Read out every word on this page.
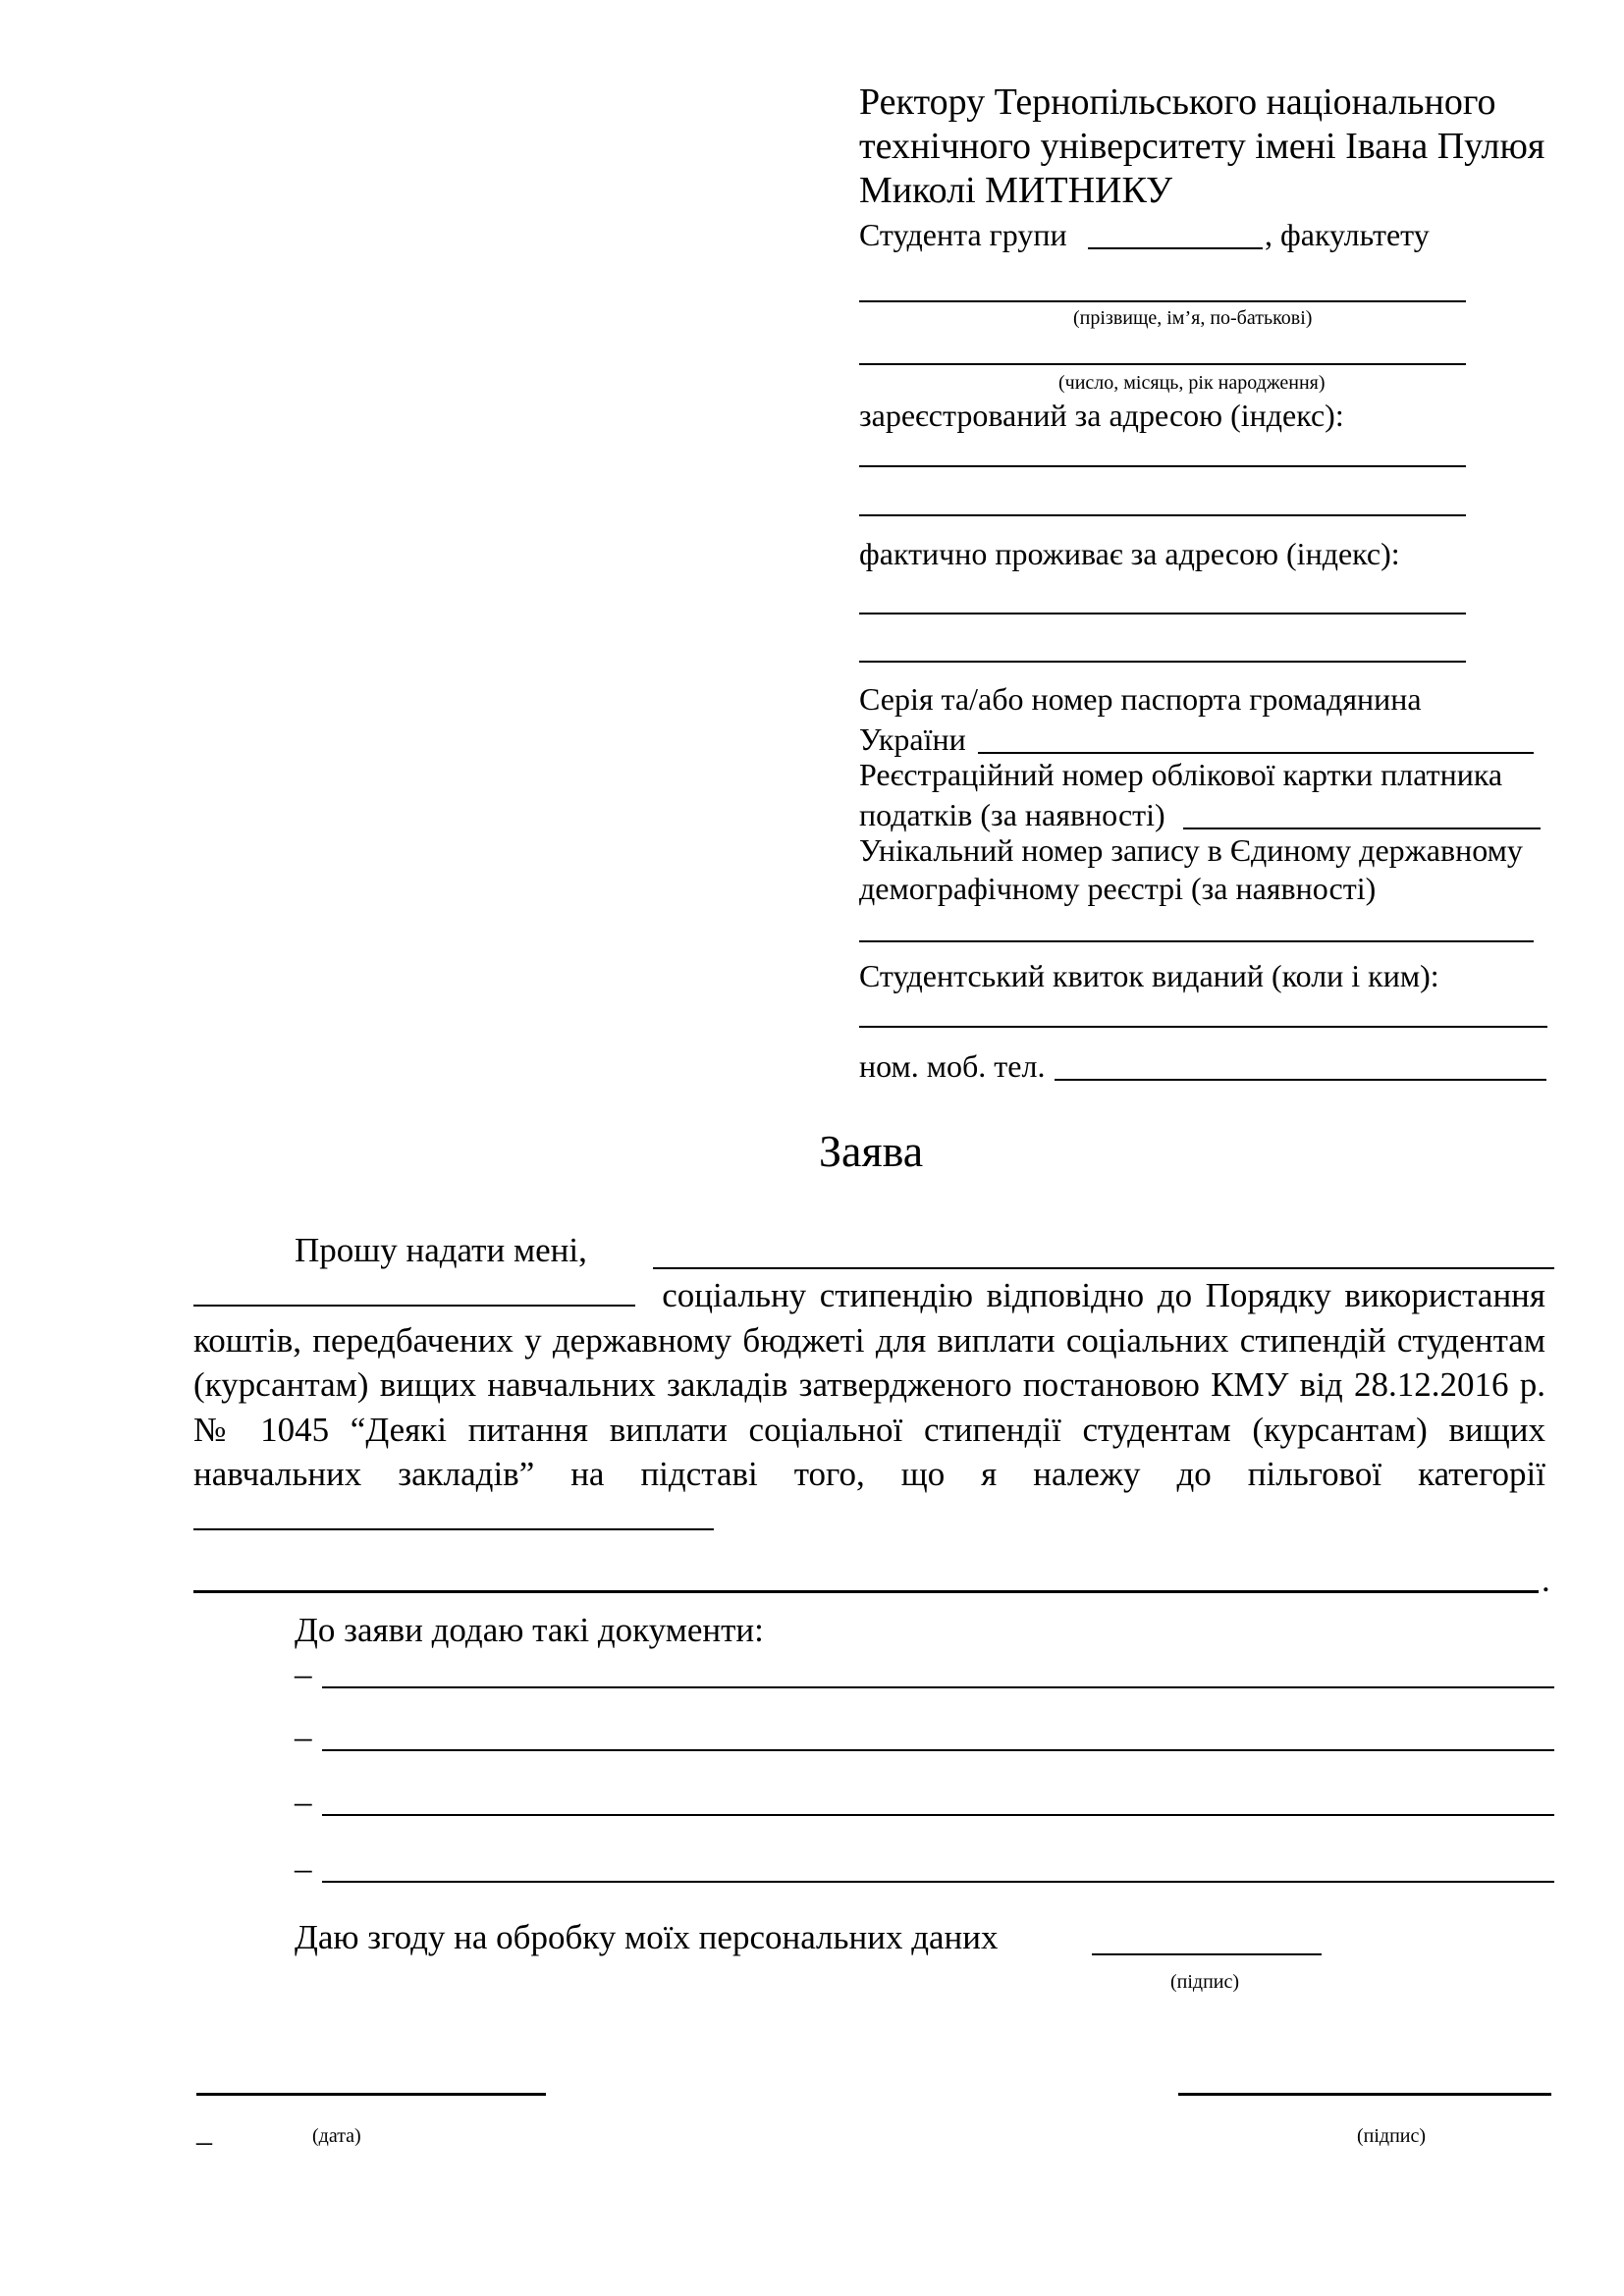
Ректору Тернопільського національного
технічного університету імені Івана Пулюя
Миколі МИТНИКУ
Студента групи	, факультету
(прізвище, ім’я, по-батькові)
(число, місяць, рік народження)
зареєстрований за адресою (індекс):
фактично проживає за адресою (індекс):
Серія та/або номер паспорта громадянина
України
Реєстраційний номер облікової картки платника
податків (за наявності)
Унікальний номер запису в Єдиному державному
демографічному реєстрі (за наявності)
Студентський квиток виданий (коли і ким):
ном. моб. тел.
Заява
Прошу надати мені,
соціальну стипендію відповідно до Порядку використання коштів, передбачених у державному бюджеті для виплати соціальних стипендій студентам (курсантам) вищих навчальних закладів затвердженого постановою КМУ від 28.12.2016 р. № 1045 “Деякі питання виплати соціальної стипендії студентам (курсантам) вищих навчальних закладів” на підставі того, що я належу до пільгової категорії
.
До заяви додаю такі документи:
–
–
–
–
Даю згоду на обробку моїх персональних даних
(підпис)
_	(дата)	(підпис)
